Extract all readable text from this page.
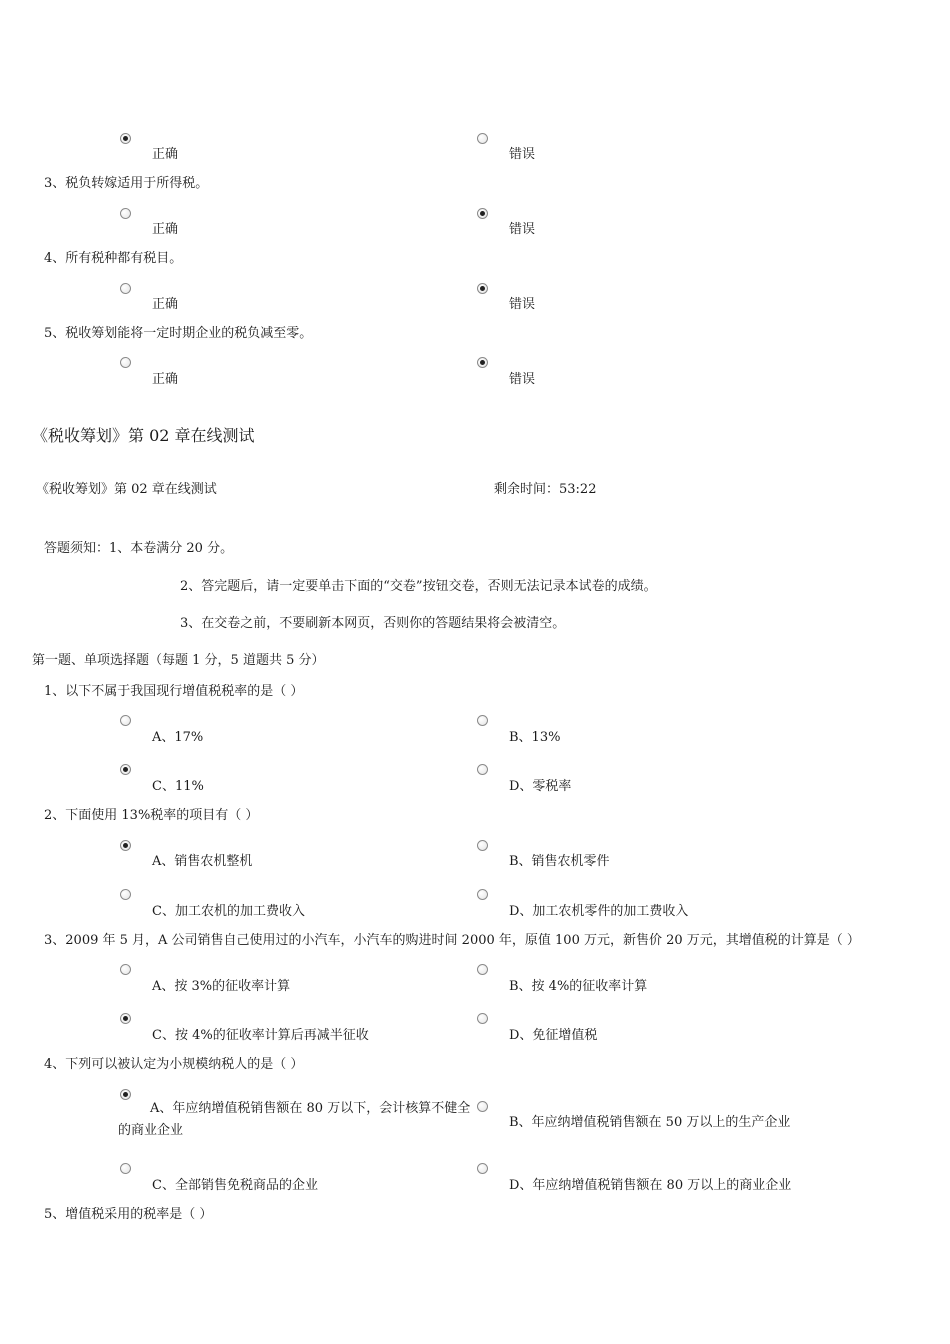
正确	错误
3、税负转嫁适用于所得税。
正确	错误
4、所有税种都有税目。
正确	错误
5、税收筹划能将一定时期企业的税负减至零。
正确	错误
《税收筹划》第 02 章在线测试
《税收筹划》第 02 章在线测试	剩余时间：53:22
答题须知：1、本卷满分 20 分。
2、答完题后，请一定要单击下面的“交卷”按钮交卷，否则无法记录本试卷的成绩。
3、在交卷之前，不要刷新本网页，否则你的答题结果将会被清空。
第一题、单项选择题（每题 1 分，5 道题共 5 分）
1、以下不属于我国现行增值税税率的是（ ）
A、17%	B、13%
C、11%	D、零税率
2、下面使用 13%税率的项目有（ ）
A、销售农机整机	B、销售农机零件
C、加工农机的加工费收入	D、加工农机零件的加工费收入
3、2009 年 5 月，A 公司销售自己使用过的小汽车，小汽车的购进时间 2000 年，原值 100 万元，新售价 20 万元，其增值税的计算是（ ）
A、按 3%的征收率计算	B、按 4%的征收率计算
C、按 4%的征收率计算后再减半征收	D、免征增值税
4、下列可以被认定为小规模纳税人的是（ ）
A、年应纳增值税销售额在 80 万以下，会计核算不健全的商业企业
B、年应纳增值税销售额在 50 万以上的生产企业
C、全部销售免税商品的企业	D、年应纳增值税销售额在 80 万以上的商业企业
5、增值税采用的税率是（ ）
